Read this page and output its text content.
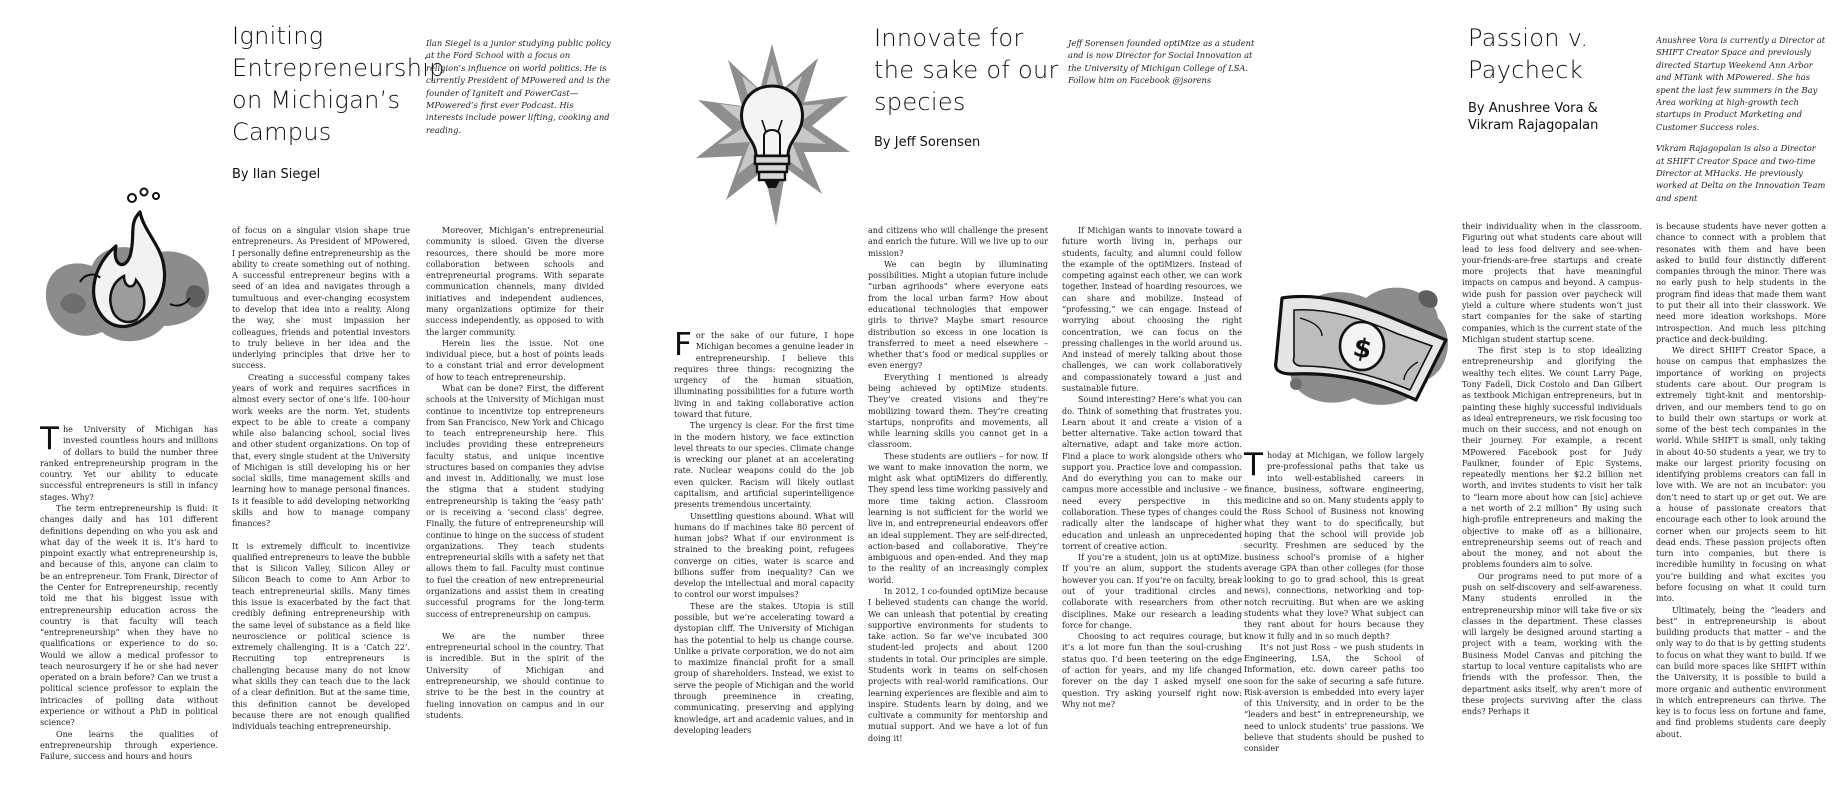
Igniting
Entrepreneurship
on Michigan’s
Campus
By Ilan Siegel

Ilan Siegel is a junior studying public policy at the Ford School with a focus on religion’s influence on world politics. He is currently President of MPowered and is the founder of IgniteIt and PowerCast—MPowered’s first ever Podcast. His interests include power lifting, cooking and reading.

The University of Michigan has invested countless hours and millions of dollars to build the number three ranked entrepreneurship program in the country. Yet our ability to educate successful entrepreneurs is still in infancy stages. Why?

The term entrepreneurship is fluid: it changes daily and has 101 different definitions depending on who you ask and what day of the week it is. It’s hard to pinpoint exactly what entrepreneurship is, and because of this, anyone can claim to be an entrepreneur. Tom Frank, Director of the Center for Entrepreneurship, recently told me that his biggest issue with entrepreneurship education across the country is that faculty will teach “entrepreneurship” when they have no qualifications or experience to do so. Would we allow a medical professor to teach neurosurgery if he or she had never operated on a brain before? Can we trust a political science professor to explain the intricacies of polling data without experience or without a PhD in political science?

One learns the qualities of entrepreneurship through experience. Failure, success and hours and hours

of focus on a singular vision shape true entrepreneurs. As President of MPowered, I personally define entrepreneurship as the ability to create something out of nothing. A successful entrepreneur begins with a seed of an idea and navigates through a tumultuous and ever-changing ecosystem to develop that idea into a reality. Along the way, she must impassion her colleagues, friends and potential investors to truly believe in her idea and the underlying principles that drive her to success.

Creating a successful company takes years of work and requires sacrifices in almost every sector of one’s life. 100-hour work weeks are the norm. Yet, students expect to be able to create a company while also balancing school, social lives and other student organizations. On top of that, every single student at the University of Michigan is still developing his or her social skills, time management skills and learning how to manage personal finances. Is it feasible to add developing networking skills and how to manage company finances?

It is extremely difficult to incentivize qualified entrepreneurs to leave the bubble that is Silicon Valley, Silicon Alley or Silicon Beach to come to Ann Arbor to teach entrepreneurial skills. Many times this issue is exacerbated by the fact that credibly defining entrepreneurship with the same level of substance as a field like neuroscience or political science is extremely challenging. It is a ‘Catch 22’. Recruiting top entrepreneurs is challenging because many do not know what skills they can teach due to the lack of a clear definition. But at the same time, this definition cannot be developed because there are not enough qualified individuals teaching entrepreneurship.

Moreover, Michigan’s entrepreneurial community is siloed. Given the diverse resources, there should be more more collaboration between schools and entrepreneurial programs. With separate communication channels, many divided initiatives and independent audiences, many organizations optimize for their success independently, as opposed to with the larger community.

Herein lies the issue. Not one individual piece, but a host of points leads to a constant trial and error development of how to teach entrepreneurship.

What can be done? First, the different schools at the University of Michigan must continue to incentivize top entrepreneurs from San Francisco, New York and Chicago to teach entrepreneurship here. This includes providing these entrepreneurs faculty status, and unique incentive structures based on companies they advise and invest in. Additionally, we must lose the stigma that a student studying entrepreneurship is taking the ‘easy path’ or is receiving a ‘second class’ degree. Finally, the future of entrepreneurship will continue to hinge on the success of student organizations. They teach students entrepreneurial skills with a safety net that allows them to fail. Faculty must continue to fuel the creation of new entrepreneurial organizations and assist them in creating successful programs for the long-term success of entrepreneurship on campus.

We are the number three entrepreneurial school in the country. That is incredible. But in the spirit of the University of Michigan and entrepreneurship, we should continue to strive to be the best in the country at fueling innovation on campus and in our students.

Innovate for
the sake of our
species
By Jeff Sorensen

Jeff Sorensen founded optiMize as a student and is now Director for Social Innovation at the University of Michigan College of LSA. Follow him on Facebook @jsorens

For the sake of our future, I hope Michigan becomes a genuine leader in entrepreneurship. I believe this requires three things: recognizing the urgency of the human situation, illuminating possibilities for a future worth living in and taking collaborative action toward that future.

The urgency is clear. For the first time in the modern history, we face extinction level threats to our species. Climate change is wrecking our planet at an accelerating rate. Nuclear weapons could do the job even quicker. Racism will likely outlast capitalism, and artificial superintelligence presents tremendous uncertainty.

Unsettling questions abound. What will humans do if machines take 80 percent of human jobs? What if our environment is strained to the breaking point, refugees converge on cities, water is scarce and billions suffer from inequality? Can we develop the intellectual and moral capacity to control our worst impulses?

These are the stakes. Utopia is still possible, but we’re accelerating toward a dystopian cliff. The University of Michigan has the potential to help us change course. Unlike a private corporation, we do not aim to maximize financial profit for a small group of shareholders. Instead, we exist to serve the people of Michigan and the world through preeminence in creating, communicating, preserving and applying knowledge, art and academic values, and in developing leaders

and citizens who will challenge the present and enrich the future. Will we live up to our mission?

We can begin by illuminating possibilities. Might a utopian future include “urban agrihoods” where everyone eats from the local urban farm? How about educational technologies that empower girls to thrive? Maybe smart resource distribution so excess in one location is transferred to meet a need elsewhere – whether that’s food or medical supplies or even energy?

Everything I mentioned is already being achieved by optiMize students. They’ve created visions and they’re mobilizing toward them. They’re creating startups, nonprofits and movements, all while learning skills you cannot get in a classroom.

These students are outliers – for now. If we want to make innovation the norm, we might ask what optiMizers do differently. They spend less time working passively and more time taking action. Classroom learning is not sufficient for the world we live in, and entrepreneurial endeavors offer an ideal supplement. They are self-directed, action-based and collaborative. They’re ambiguous and open-ended. And they map to the reality of an increasingly complex world.

In 2012, I co-founded optiMize because I believed students can change the world. We can unleash that potential by creating supportive environments for students to take action. So far we’ve incubated 300 student-led projects and about 1200 students in total. Our principles are simple. Students work in teams on self-chosen projects with real-world ramifications. Our learning experiences are flexible and aim to inspire. Students learn by doing, and we cultivate a community for mentorship and mutual support. And we have a lot of fun doing it!

If Michigan wants to innovate toward a future worth living in, perhaps our students, faculty, and alumni could follow the example of the optiMizers. Instead of competing against each other, we can work together. Instead of hoarding resources, we can share and mobilize. Instead of “professing,” we can engage. Instead of worrying about choosing the right concentration, we can focus on the pressing challenges in the world around us. And instead of merely talking about those challenges, we can work collaboratively and compassionately toward a just and sustainable future.

Sound interesting? Here’s what you can do. Think of something that frustrates you. Learn about it and create a vision of a better alternative. Take action toward that alternative, adapt and take more action. Find a place to work alongside others who support you. Practice love and compassion. And do everything you can to make our campus more accessible and inclusive – we need every perspective in this collaboration. These types of changes could radically alter the landscape of higher education and unleash an unprecedented torrent of creative action.

If you’re a student, join us at optiMize. If you’re an alum, support the students however you can. If you’re on faculty, break out of your traditional circles and collaborate with researchers from other disciplines. Make our research a leading force for change.

Choosing to act requires courage, but it’s a lot more fun than the soul-crushing status quo. I’d been teetering on the edge of action for years, and my life changed forever on the day I asked myself one question. Try asking yourself right now: Why not me?

Passion v.
Paycheck
By Anushree Vora &
Vikram Rajagopalan

Anushree Vora is currently a Director at SHIFT Creator Space and previously directed Startup Weekend Ann Arbor and MTank with MPowered. She has spent the last few summers in the Bay Area working at high-growth tech startups in Product Marketing and Customer Success roles.

Vikram Rajagopalan is also a Director at SHIFT Creator Space and two-time Director at MHacks. He previously worked at Delta on the Innovation Team and spent

$

Thoday at Michigan, we follow largely pre-professional paths that take us into well-established careers in finance, business, software engineering, medicine and so on. Many students apply to the Ross School of Business not knowing what they want to do specifically, but hoping that the school will provide job security. Freshmen are seduced by the business school’s promise of a higher average GPA than other colleges (for those looking to go to grad school, this is great news), connections, networking and top-notch recruiting. But when are we asking students what they love? What subject can they rant about for hours because they know it fully and in so much depth?

It’s not just Ross – we push students in Engineering, LSA, the School of Information, etc. down career paths too soon for the sake of securing a safe future. Risk-aversion is embedded into every layer of this University, and in order to be the “leaders and best” in entrepreneurship, we need to unlock students’ true passions. We believe that students should be pushed to consider

their individuality when in the classroom. Figuring out what students care about will lead to less food delivery and see-when-your-friends-are-free startups and create more projects that have meaningful impacts on campus and beyond. A campus-wide push for passion over paycheck will yield a culture where students won’t just start companies for the sake of starting companies, which is the current state of the Michigan student startup scene.

The first step is to stop idealizing entrepreneurship and glorifying the wealthy tech elites. We count Larry Page, Tony Fadell, Dick Costolo and Dan Gilbert as textbook Michigan entrepreneurs, but in painting these highly successful individuals as ideal entrepreneurs, we risk focusing too much on their success, and not enough on their journey. For example, a recent MPowered Facebook post for Judy Faulkner, founder of Epic Systems, repeatedly mentions her $2.2 billion net worth, and invites students to visit her talk to “learn more about how can [sic] achieve a net worth of 2.2 million” By using such high-profile entrepreneurs and making the objective to make off as a billionaire, entrepreneurship seems out of reach and about the money, and not about the problems founders aim to solve.

Our programs need to put more of a push on self-discovery and self-awareness. Many students enrolled in the entrepreneurship minor will take five or six classes in the department. These classes will largely be designed around starting a project with a team, working with the Business Model Canvas and pitching the startup to local venture capitalists who are friends with the professor. Then, the department asks itself, why aren’t more of these projects surviving after the class ends? Perhaps it

is because students have never gotten a chance to connect with a problem that resonates with them and have been asked to build four distinctly different companies through the minor. There was no early push to help students in the program find ideas that made them want to put their all into their classwork. We need more ideation workshops. More introspection. And much less pitching practice and deck-building.

We direct SHIFT Creator Space, a house on campus that emphasizes the importance of working on projects students care about. Our program is extremely tight-knit and mentorship-driven, and our members tend to go on to build their own startups or work at some of the best tech companies in the world. While SHIFT is small, only taking in about 40-50 students a year, we try to make our largest priority focusing on identifying problems creators can fall in love with. We are not an incubator: you don’t need to start up or get out. We are a house of passionate creators that encourage each other to look around the corner when our projects seem to hit dead ends. These passion projects often turn into companies, but there is incredible humility in focusing on what you’re building and what excites you before focusing on what it could turn into.

Ultimately, being the “leaders and best” in entrepreneurship is about building products that matter – and the only way to do that is by getting students to focus on what they want to build. If we can build more spaces like SHIFT within the University, it is possible to build a more organic and authentic environment in which entrepreneurs can thrive. The key is to focus less on fortune and fame, and find problems students care deeply about.
